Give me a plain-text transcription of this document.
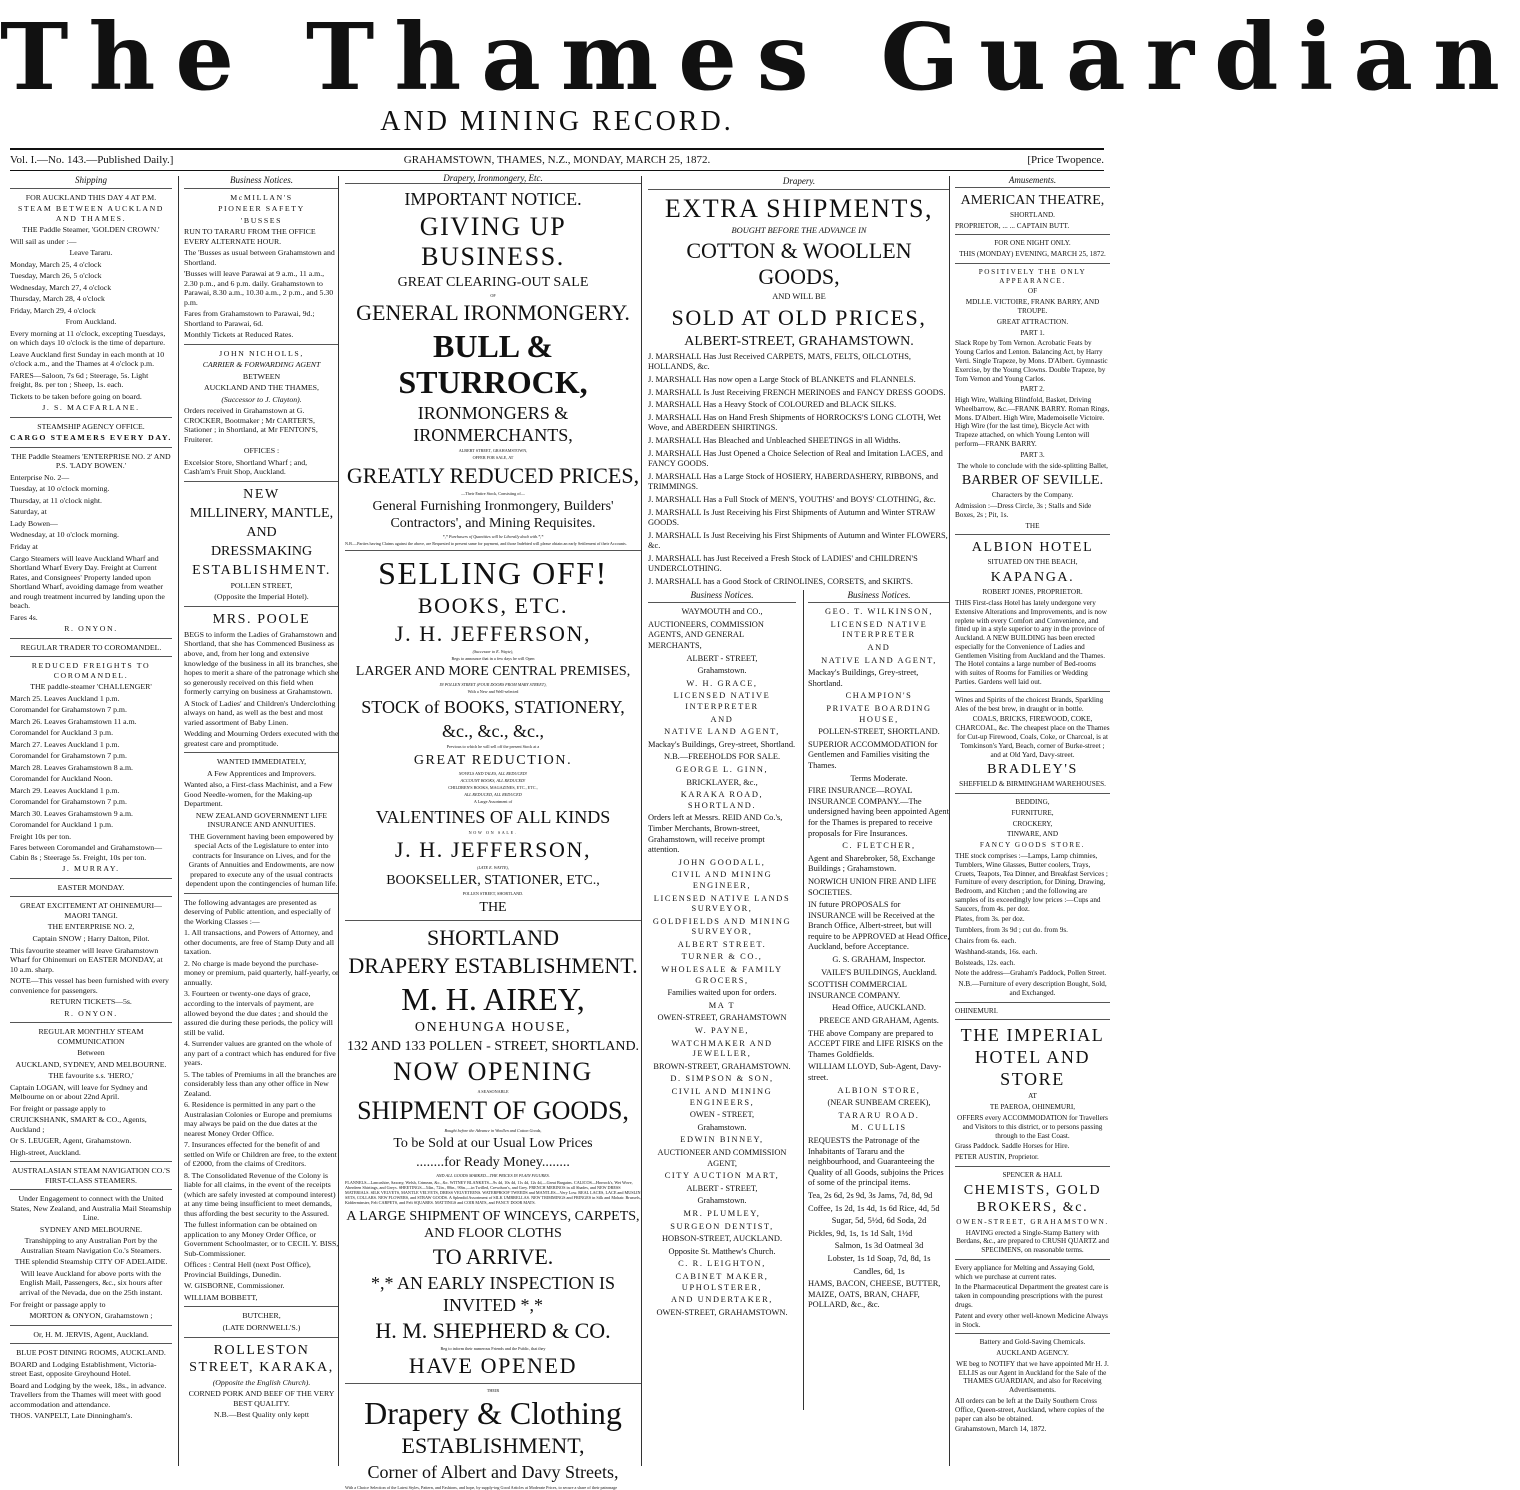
The Thames Guardian
AND MINING RECORD.
GRAHAMSTOWN, THAMES, N.Z., MONDAY, MARCH 25, 1872.
Vol. I.—No. 143.—Published Daily.]	[Price Twopence.
Shipping

FOR AUCKLAND THIS DAY 4 AT P.M.

STEAM BETWEEN AUCKLAND AND THAMES.

THE Paddle Steamer, 'GOLDEN CROWN.'

Will sail as under :—

Leave Tararu.

Monday, March 25, 4 o'clock

Tuesday, March 26, 5 o'clock

Wednesday, March 27, 4 o'clock

Thursday, March 28, 4 o'clock

Friday, March 29, 4 o'clock

From Auckland.

Every morning at 11 o'clock, excepting Tuesdays, on which days 10 o'clock is the time of departure.

Leave Auckland first Sunday in each month at 10 o'clock a.m., and the Thames at 4 o'clock p.m.

FARES—Saloon, 7s 6d ; Steerage, 5s. Light freight, 8s. per ton ; Sheep, 1s. each.

Tickets to be taken before going on board.

J. S. MACFARLANE.

STEAMSHIP AGENCY OFFICE.

CARGO STEAMERS EVERY DAY.

THE Paddle Steamers 'ENTERPRISE NO. 2' AND P.S. 'LADY BOWEN.'

Enterprise No. 2—

Tuesday, at 10 o'clock morning.

Thursday, at 11 o'clock night.

Saturday, at

Lady Bowen—

Wednesday, at 10 o'clock morning.

Friday at

Cargo Steamers will leave Auckland Wharf and Shortland Wharf Every Day. Freight at Current Rates, and Consignees' Property landed upon Shortland Wharf, avoiding damage from weather and rough treatment incurred by landing upon the beach.

Fares 4s.

R. ONYON.

REGULAR TRADER TO COROMANDEL.

REDUCED FREIGHTS TO COROMANDEL.

THE paddle-steamer 'CHALLENGER'

March 25. Leaves Auckland 1 p.m.

Coromandel for Grahamstown 7 p.m.

March 26. Leaves Grahamstown 11 a.m.

Coromandel for Auckland 3 p.m.

March 27. Leaves Auckland 1 p.m.

Coromandel for Grahamstown 7 p.m.

March 28. Leaves Grahamstown 8 a.m.

Coromandel for Auckland Noon.

March 29. Leaves Auckland 1 p.m.

Coromandel for Grahamstown 7 p.m.

March 30. Leaves Grahamstown 9 a.m.

Coromandel for Auckland 1 p.m.

Freight 10s per ton.

Fares between Coromandel and Grahamstown—Cabin 8s ; Steerage 5s. Freight, 10s per ton.

J. MURRAY.

EASTER MONDAY.

GREAT EXCITEMENT AT OHINEMURI—MAORI TANGI.

THE ENTERPRISE NO. 2,

Captain SNOW ; Harry Dalton, Pilot.

This favourite steamer will leave Grahamstown Wharf for Ohinemuri on EASTER MONDAY, at 10 a.m. sharp.

NOTE—This vessel has been furnished with every convenience for passengers.

RETURN TICKETS—5s.

R. ONYON.

REGULAR MONTHLY STEAM COMMUNICATION

Between

AUCKLAND, SYDNEY, AND MELBOURNE.

THE favourite s.s. 'HERO,'

Captain LOGAN, will leave for Sydney and Melbourne on or about 22nd April.

For freight or passage apply to

CRUICKSHANK, SMART & CO., Agents, Auckland ;

Or S. LEUGER, Agent, Grahamstown.

High-street, Auckland.

AUSTRALASIAN STEAM NAVIGATION CO.'S FIRST-CLASS STEAMERS.

Under Engagement to connect with the United States, New Zealand, and Australia Mail Steamship Line.

SYDNEY AND MELBOURNE.

Transhipping to any Australian Port by the Australian Steam Navigation Co.'s Steamers.

THE splendid Steamship CITY OF ADELAIDE.

Will leave Auckland for above ports with the English Mail, Passengers, &c., six hours after arrival of the Nevada, due on the 25th instant.

For freight or passage apply to

MORTON & ONYON, Grahamstown ;

Or, H. M. JERVIS, Agent, Auckland.

BLUE POST DINING ROOMS, AUCKLAND.

BOARD and Lodging Establishment, Victoria-street East, opposite Greyhound Hotel.

Board and Lodging by the week, 18s., in advance. Travellers from the Thames will meet with good accommodation and attendance.

THOS. VANPELT, Late Dinningham's.

Business Notices.

McMILLAN'S

PIONEER SAFETY

'BUSSES

RUN TO TARARU FROM THE OFFICE EVERY ALTERNATE HOUR.

The 'Busses as usual between Grahamstown and Shortland.

'Busses will leave Parawai at 9 a.m., 11 a.m., 2.30 p.m., and 6 p.m. daily. Grahamstown to Parawai, 8.30 a.m., 10.30 a.m., 2 p.m., and 5.30 p.m.

Fares from Grahamstown to Parawai, 9d.; Shortland to Parawai, 6d.

Monthly Tickets at Reduced Rates.

JOHN NICHOLLS,

CARRIER & FORWARDING AGENT

BETWEEN

AUCKLAND AND THE THAMES,

(Successor to J. Clayton).

Orders received in Grahamstown at G. CROCKER, Bootmaker ; Mr CARTER'S, Stationer ; in Shortland, at Mr FENTON'S, Fruiterer.

OFFICES :

Excelsior Store, Shortland Wharf ; and, Cash'am's Fruit Shop, Auckland.

NEW

MILLINERY, MANTLE,

AND

DRESSMAKING

ESTABLISHMENT.

POLLEN STREET,

(Opposite the Imperial Hotel).

MRS. POOLE

BEGS to inform the Ladies of Grahamstown and Shortland, that she has Commenced Business as above, and, from her long and extensive knowledge of the business in all its branches, she hopes to merit a share of the patronage which she so generously received on this field when formerly carrying on business at Grahamstown.

A Stock of Ladies' and Children's Underclothing always on hand, as well as the best and most varied assortment of Baby Linen.

Wedding and Mourning Orders executed with the greatest care and promptitude.

WANTED IMMEDIATELY,

A Few Apprentices and Improvers.

Wanted also, a First-class Machinist, and a Few Good Needle-women, for the Making-up Department.

NEW ZEALAND GOVERNMENT LIFE INSURANCE AND ANNUITIES.

THE Government having been empowered by special Acts of the Legislature to enter into contracts for Insurance on Lives, and for the Grants of Annuities and Endowments, are now prepared to execute any of the usual contracts dependent upon the contingencies of human life.

The following advantages are presented as deserving of Public attention, and especially of the Working Classes :—

1. All transactions, and Powers of Attorney, and other documents, are free of Stamp Duty and all taxation.

2. No charge is made beyond the purchase-money or premium, paid quarterly, half-yearly, or annually.

3. Fourteen or twenty-one days of grace, according to the intervals of payment, are allowed beyond the due dates ; and should the assured die during these periods, the policy will still be valid.

4. Surrender values are granted on the whole of any part of a contract which has endured for five years.

5. The tables of Premiums in all the branches are considerably less than any other office in New Zealand.

6. Residence is permitted in any part o the Australasian Colonies or Europe and premiums may always be paid on the due dates at the nearest Money Order Office.

7. Insurances effected for the benefit of and settled on Wife or Children are free, to the extent of £2000, from the claims of Creditors.

8. The Consolidated Revenue of the Colony is liable for all claims, in the event of the receipts (which are safely invested at compound interest) at any time being insufficient to meet demands, thus affording the best security to the Assured.

The fullest information can be obtained on application to any Money Order Office, or Government Schoolmaster, or to CECIL Y. BISS, Sub-Commissioner.

Offices : Central Hell (next Post Office), Provincial Buildings, Dunedin.

W. GISBORNE, Commissioner.

WILLIAM BOBBETT,

BUTCHER,

(LATE DORNWELL'S.)

ROLLESTON STREET, KARAKA,

(Opposite the English Church).

CORNED PORK AND BEEF OF THE VERY BEST QUALITY.

N.B.—Best Quality only keptt

Drapery, Ironmongery, Etc.

IMPORTANT NOTICE.

GIVING UP BUSINESS.

GREAT CLEARING-OUT SALE

OF

GENERAL IRONMONGERY.

BULL & STURROCK,

IRONMONGERS & IRONMERCHANTS,

ALBERT STREET, GRAHAMSTOWN,

OFFER FOR SALE, AT

GREATLY REDUCED PRICES,

—Their Entire Stock, Consisting of—

General Furnishing Ironmongery, Builders' Contractors', and Mining Requisites.

*,* Purchasers of Quantities will be Liberally dealt with.*,*

N.B.—Parties having Claims against the above, are Requested to present same for payment, and those Indebted will please obtain an early Settlement of their Accounts.

SELLING OFF!

BOOKS, ETC.

J. H. JEFFERSON,

(Successor to E. Wayte),

Begs to announce that in a few days he will Open

LARGER AND MORE CENTRAL PREMISES,

IN POLLEN STREET (FOUR DOORS FROM MARY STREET),

With a New and Well-selected

STOCK of BOOKS, STATIONERY,

&c., &c., &c.,

Previous to which he will sell off the present Stock at a

GREAT REDUCTION.

NOVELS AND TALES, ALL REDUCED!

ACCOUNT BOOKS, ALL REDUCED!

CHILDREN'S BOOKS, MAGAZINES, ETC., ETC.,

ALL REDUCED, ALL REDUCED

A Large Assortment of

VALENTINES OF ALL KINDS

NOW ON SALE.

J. H. JEFFERSON,

(LATE E. WAYTE),

BOOKSELLER, STATIONER, ETC.,

POLLEN STREET, SHORTLAND.

THE

SHORTLAND

DRAPERY ESTABLISHMENT.

M. H. AIREY,

ONEHUNGA HOUSE,

132 AND 133 POLLEN - STREET, SHORTLAND.

NOW OPENING

A SEASONABLE

SHIPMENT OF GOODS,

Bought before the Advance in Woollen and Cotton Goods,

To be Sold at our Usual Low Prices

........for Ready Money........

AND ALL GOODS MARKED—THE PRICES IN PLAIN FIGURES.

FLANNELS—Lancashire, Saxony, Welsh, Crimean, &c., &c. WITNEY BLANKETS—9s 4d, 10s 4d, 11s 4d, 12s 4d,—Great Bargains. CALICOS—Horrock's, Wet Wove, Aberdeen Shirtings, and Greys. SHEETINGS—54in., 72in., 80in., 90in.,—in Twilled, Crewdson's, and Grey. FRENCH MERINOS in all Shades, and NEW DRESS MATERIALS. SILK VELVETS, MANTLE VELVETS, DRESS VELVETEENS. WATERPROOF TWEEDS and MANTLES—Very Low. REAL LACES, LACE and MUSLIN SETS, COLLARS. NEW FLOWERS, and STRAW GOODS. A Splendid Assortment of SILK UMBRELLAS. NEW TRIMMINGS and FRINGES in Silk and Mohair. Brussels, Kidderminster, Felt CARPETS, and Felt SQUARES. MATTINGS and COIR MATS, and FANCY DOOR MATS.

A LARGE SHIPMENT OF WINCEYS, CARPETS, AND FLOOR CLOTHS

TO ARRIVE.

*,* AN EARLY INSPECTION IS INVITED *,*

H. M. SHEPHERD & CO.

Beg to inform their numerous Friends and the Public, that they

HAVE OPENED

THEIR

Drapery & Clothing

ESTABLISHMENT,

Corner of Albert and Davy Streets,

With a Choice Selection of the Latest Styles, Pattern, and Fashions, and hope, by supply-ing Good Articles at Moderate Prices, to secure a share of their patronage

Drapery.

EXTRA SHIPMENTS,

BOUGHT BEFORE THE ADVANCE IN

COTTON & WOOLLEN GOODS,

AND WILL BE

SOLD AT OLD PRICES,

ALBERT-STREET, GRAHAMSTOWN.

J. MARSHALL Has Just Received CARPETS, MATS, FELTS, OILCLOTHS, HOLLANDS, &c.

J. MARSHALL Has now open a Large Stock of BLANKETS and FLANNELS.

J. MARSHALL Is Just Receiving FRENCH MERINOES and FANCY DRESS GOODS.

J. MARSHALL Has a Heavy Stock of COLOURED and BLACK SILKS.

J. MARSHALL Has on Hand Fresh Shipments of HORROCKS'S LONG CLOTH, Wet Wove, and ABERDEEN SHIRTINGS.

J. MARSHALL Has Bleached and Unbleached SHEETINGS in all Widths.

J. MARSHALL Has Just Opened a Choice Selection of Real and Imitation LACES, and FANCY GOODS.

J. MARSHALL Has a Large Stock of HOSIERY, HABERDASHERY, RIBBONS, and TRIMMINGS.

J. MARSHALL Has a Full Stock of MEN'S, YOUTHS' and BOYS' CLOTHING, &c.

J. MARSHALL Is Just Receiving his First Shipments of Autumn and Winter STRAW GOODS.

J. MARSHALL Is Just Receiving his First Shipments of Autumn and Winter FLOWERS, &c.

J. MARSHALL has Just Received a Fresh Stock of LADIES' and CHILDREN'S UNDERCLOTHING.

J. MARSHALL has a Good Stock of CRINOLINES, CORSETS, and SKIRTS.

Business Notices.

WAYMOUTH and CO.,

AUCTIONEERS, COMMISSION AGENTS, AND GENERAL MERCHANTS,

ALBERT - STREET,

Grahamstown.

W. H. GRACE,

LICENSED NATIVE INTERPRETER

AND

NATIVE LAND AGENT,

Mackay's Buildings, Grey-street, Shortland.

N.B.—FREEHOLDS FOR SALE.

GEORGE L. GINN,

BRICKLAYER, &c.,

KARAKA ROAD, SHORTLAND.

Orders left at Messrs. REID AND Co.'s, Timber Merchants, Brown-street, Grahamstown, will receive prompt attention.

JOHN GOODALL,

CIVIL AND MINING ENGINEER,

LICENSED NATIVE LANDS SURVEYOR,

GOLDFIELDS AND MINING SURVEYOR,

ALBERT STREET.

TURNER & CO.,

WHOLESALE & FAMILY GROCERS,

Families waited upon for orders.

MA T

OWEN-STREET, GRAHAMSTOWN

W. PAYNE,

WATCHMAKER AND JEWELLER,

BROWN-STREET, GRAHAMSTOWN.

D. SIMPSON & SON,

CIVIL AND MINING ENGINEERS,

OWEN - STREET,

Grahamstown.

EDWIN BINNEY,

AUCTIONEER AND COMMISSION AGENT,

CITY AUCTION MART,

ALBERT - STREET,

Grahamstown.

MR. PLUMLEY,

SURGEON DENTIST,

HOBSON-STREET, AUCKLAND.

Opposite St. Matthew's Church.

C. R. LEIGHTON,

CABINET MAKER, UPHOLSTERER,

AND UNDERTAKER,

OWEN-STREET, GRAHAMSTOWN.

Business Notices.

GEO. T. WILKINSON,

LICENSED NATIVE INTERPRETER

AND

NATIVE LAND AGENT,

Mackay's Buildings, Grey-street, Shortland.

CHAMPION'S

PRIVATE BOARDING HOUSE,

POLLEN-STREET, SHORTLAND.

SUPERIOR ACCOMMODATION for Gentlemen and Families visiting the Thames.

Terms Moderate.

FIRE INSURANCE—ROYAL INSURANCE COMPANY.—The undersigned having been appointed Agent for the Thames is prepared to receive proposals for Fire Insurances.

C. FLETCHER,

Agent and Sharebroker, 58, Exchange Buildings ; Grahamstown.

NORWICH UNION FIRE AND LIFE SOCIETIES.

IN future PROPOSALS for INSURANCE will be Received at the Branch Office, Albert-street, but will require to be APPROVED at Head Office, Auckland, before Acceptance.

G. S. GRAHAM, Inspector.

VAILE'S BUILDINGS, Auckland.

SCOTTISH COMMERCIAL INSURANCE COMPANY.

Head Office, AUCKLAND.

PREECE AND GRAHAM, Agents.

THE above Company are prepared to ACCEPT FIRE and LIFE RISKS on the Thames Goldfields.

WILLIAM LLOYD, Sub-Agent, Davy-street.

ALBION STORE,

(NEAR SUNBEAM CREEK),

TARARU ROAD.

M. CULLIS

REQUESTS the Patronage of the Inhabitants of Tararu and the neighbourhood, and Guaranteeing the Quality of all Goods, subjoins the Prices of some of the principal items.

Tea, 2s 6d, 2s 9d, 3s Jams, 7d, 8d, 9d

Coffee, 1s 2d, 1s 4d, 1s 6d Rice, 4d, 5d

Sugar, 5d, 5½d, 6d Soda, 2d

Pickles, 9d, 1s, 1s 1d Salt, 1½d

Salmon, 1s 3d Oatmeal 3d

Lobster, 1s 1d Soap, 7d, 8d, 1s

Candles, 6d, 1s

HAMS, BACON, CHEESE, BUTTER, MAIZE, OATS, BRAN, CHAFF, POLLARD, &c., &c.

Amusements.

AMERICAN THEATRE,

SHORTLAND.

PROPRIETOR, ... ... CAPTAIN BUTT.

FOR ONE NIGHT ONLY.

THIS (MONDAY) EVENING, MARCH 25, 1872.

POSITIVELY THE ONLY APPEARANCE.

OF

MDLLE. VICTOIRE, FRANK BARRY, AND TROUPE.

GREAT ATTRACTION.

PART 1.

Slack Rope by Tom Vernon. Acrobatic Feats by Young Carlos and Lenton. Balancing Act, by Harry Verti. Single Trapeze, by Mons. D'Albert. Gymnastic Exercise, by the Young Clowns. Double Trapeze, by Tom Vernon and Young Carlos.

PART 2.

High Wire, Walking Blindfold, Basket, Driving Wheelbarrow, &c.—FRANK BARRY. Roman Rings, Mons. D'Albert. High Wire, Mademoiselle Victoire. High Wire (for the last time), Bicycle Act with Trapeze attached, on which Young Lenton will perform—FRANK BARRY.

PART 3.

The whole to conclude with the side-splitting Ballet,

BARBER OF SEVILLE.

Characters by the Company.

Admission :—Dress Circle, 3s ; Stalls and Side Boxes, 2s ; Pit, 1s.

THE

ALBION HOTEL

SITUATED ON THE BEACH,

KAPANGA.

ROBERT JONES, PROPRIETOR.

THIS First-class Hotel has lately undergone very Extensive Alterations and Improvements, and is now replete with every Comfort and Convenience, and fitted up in a style superior to any in the province of Auckland. A NEW BUILDING has been erected especially for the Convenience of Ladies and Gentlemen Visiting from Auckland and the Thames. The Hotel contains a large number of Bed-rooms with suites of Rooms for Families or Wedding Parties. Gardens well laid out.

Wines and Spirits of the choicest Brands, Sparkling Ales of the best brew, in draught or in bottle.

COALS, BRICKS, FIREWOOD, COKE, CHARCOAL, &c. The cheapest place on the Thames for Cut-up Firewood, Coals, Coke, or Charcoal, is at Tomkinson's Yard, Beach, corner of Burke-street ; and at Old Yard, Davy-street.

BRADLEY'S

SHEFFIELD & BIRMINGHAM WAREHOUSES.

BEDDING,

FURNITURE,

CROCKERY,

TINWARE, AND

FANCY GOODS STORE.

THE stock comprises :—Lamps, Lamp chimnies, Tumblers, Wine Glasses, Butter coolers, Trays, Cruets, Teapots, Tea Dinner, and Breakfast Services ; Furniture of every description, for Dining, Drawing, Bedroom, and Kitchen ; and the following are samples of its exceedingly low prices :—Cups and Saucers, from 4s. per doz.

Plates, from 3s. per doz.

Tumblers, from 3s 9d ; cut do. from 9s.

Chairs from 6s. each.

Washhand-stands, 16s. each.

Bolsteads, 12s. each.

Note the address—Graham's Paddock, Pollen Street.

N.B.—Furniture of every description Bought, Sold, and Exchanged.

OHINEMURI.

THE IMPERIAL HOTEL AND STORE

AT

TE PAEROA, OHINEMURI,

OFFERS every ACCOMMODATION for Travellers and Visitors to this district, or to persons passing through to the East Coast.

Grass Paddock. Saddle Horses for Hire.

PETER AUSTIN, Proprietor.

SPENCER & HALL

CHEMISTS, GOLD BROKERS, &c.

OWEN-STREET, GRAHAMSTOWN.

HAVING erected a Single-Stamp Battery with Berdans, &c., are prepared to CRUSH QUARTZ and SPECIMENS, on reasonable terms.

Every appliance for Melting and Assaying Gold, which we purchase at current rates.

In the Pharmaceutical Department the greatest care is taken in compounding prescriptions with the purest drugs.

Patent and every other well-known Medicine Always in Stock.

Battery and Gold-Saving Chemicals.

AUCKLAND AGENCY.

WE beg to NOTIFY that we have appointed Mr H. J. ELLIS as our Agent in Auckland for the Sale of the THAMES GUARDIAN, and also for Receiving Advertisements.

All orders can be left at the Daily Southern Cross Office, Queen-street, Auckland, where copies of the paper can also be obtained.

Grahamstown, March 14, 1872.
